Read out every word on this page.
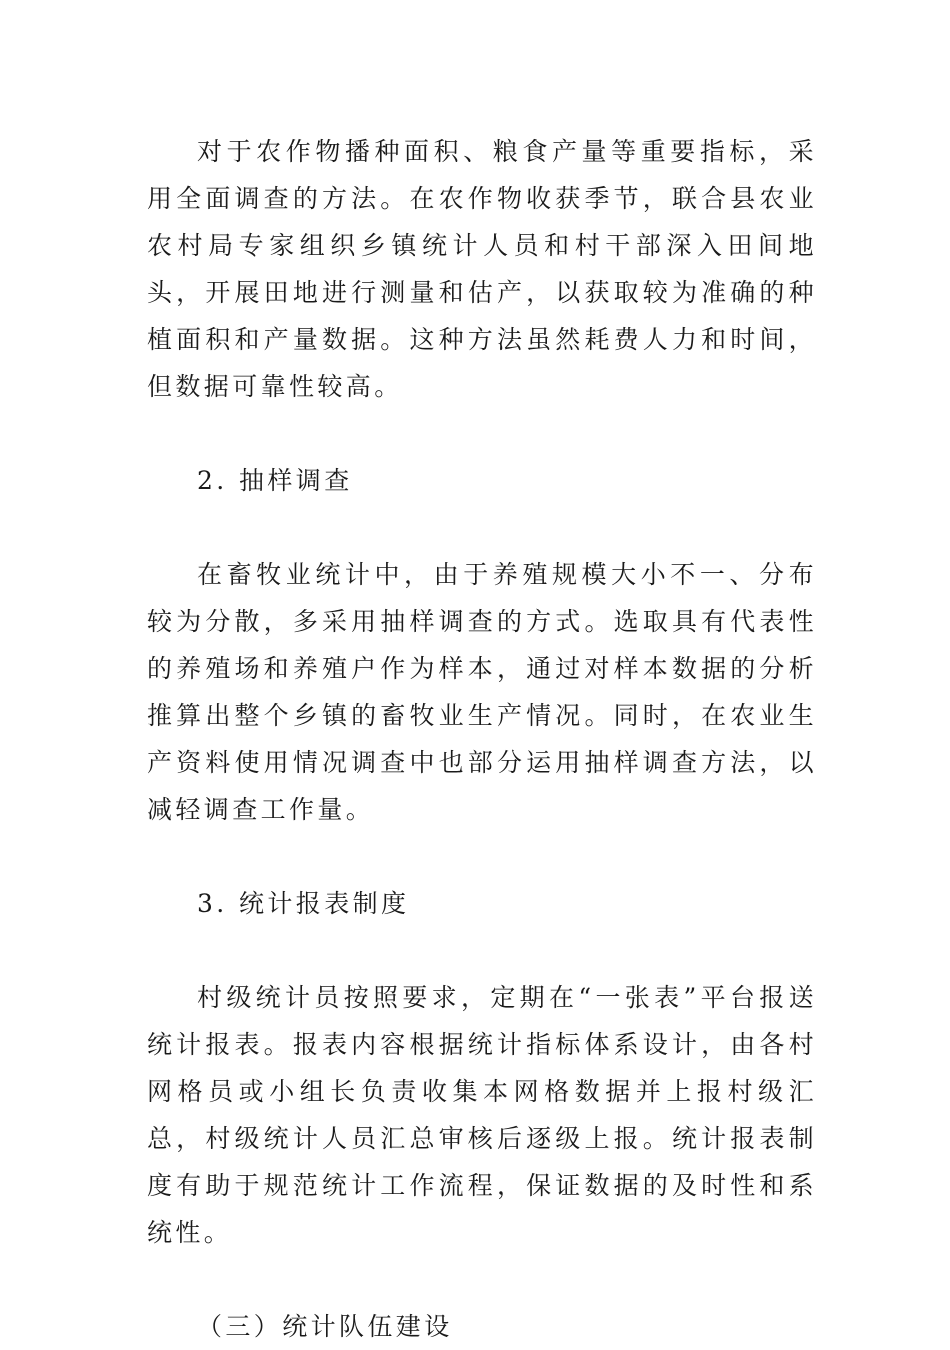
对于农作物播种面积、粮食产量等重要指标，采用全面调查的方法。在农作物收获季节，联合县农业农村局专家组织乡镇统计人员和村干部深入田间地头，开展田地进行测量和估产，以获取较为准确的种植面积和产量数据。这种方法虽然耗费人力和时间，但数据可靠性较高。

2. 抽样调查

在畜牧业统计中，由于养殖规模大小不一、分布较为分散，多采用抽样调查的方式。选取具有代表性的养殖场和养殖户作为样本，通过对样本数据的分析推算出整个乡镇的畜牧业生产情况。同时，在农业生产资料使用情况调查中也部分运用抽样调查方法，以减轻调查工作量。

3. 统计报表制度

村级统计员按照要求，定期在“一张表”平台报送统计报表。报表内容根据统计指标体系设计，由各村网格员或小组长负责收集本网格数据并上报村级汇总，村级统计人员汇总审核后逐级上报。统计报表制度有助于规范统计工作流程，保证数据的及时性和系统性。

（三）统计队伍建设
